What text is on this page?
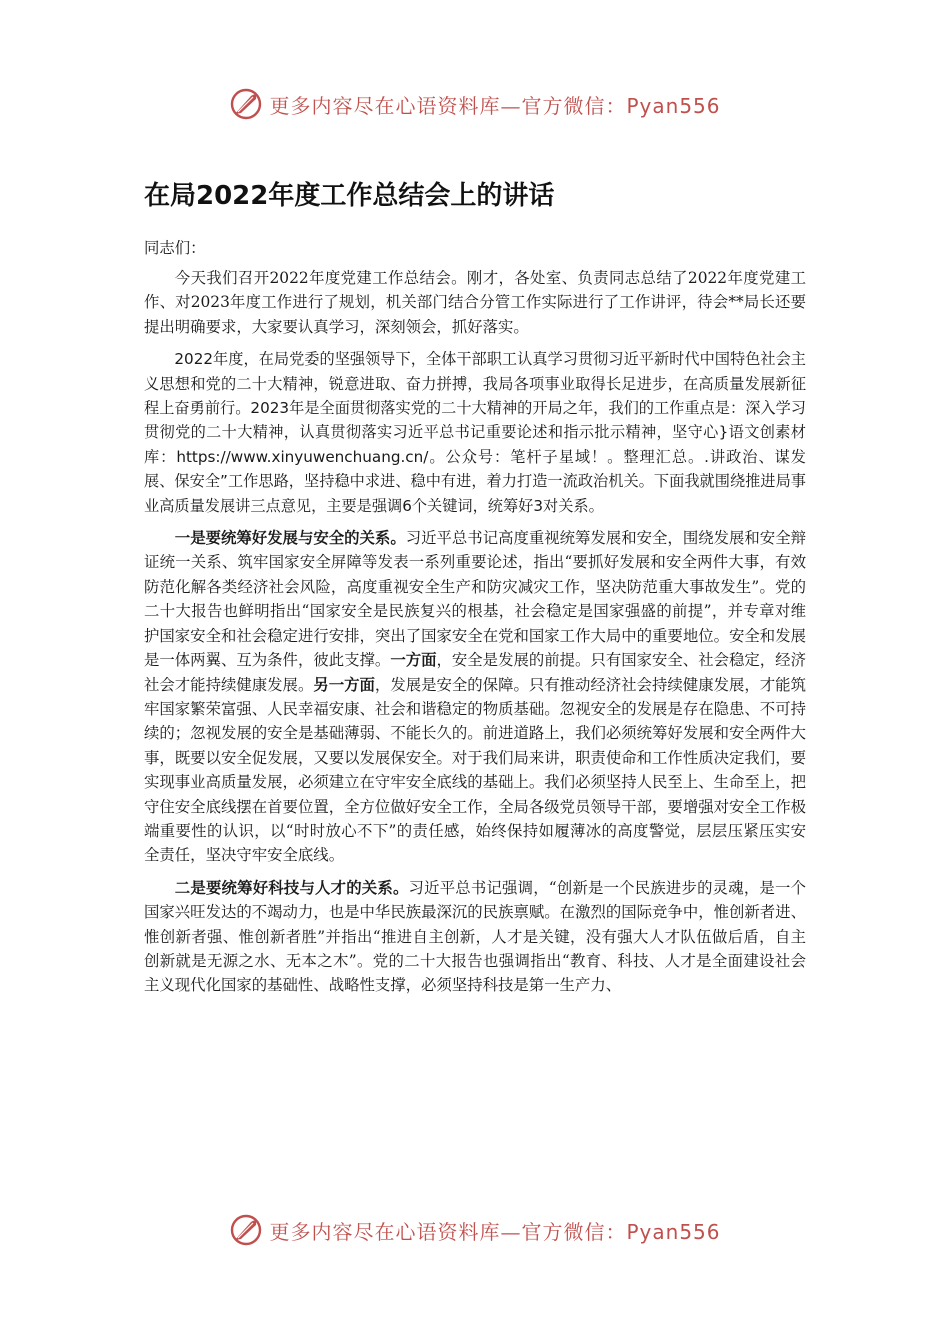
更多内容尽在心语资料库—官方微信：Pyan556
在局2022年度工作总结会上的讲话
同志们：

今天我们召开2022年度党建工作总结会。刚才，各处室、负责同志总结了2022年度党建工作、对2023年度工作进行了规划，机关部门结合分管工作实际进行了工作讲评，待会**局长还要提出明确要求，大家要认真学习，深刻领会，抓好落实。

2022年度，在局党委的坚强领导下，全体干部职工认真学习贯彻习近平新时代中国特色社会主义思想和党的二十大精神，锐意进取、奋力拼搏，我局各项事业取得长足进步，在高质量发展新征程上奋勇前行。2023年是全面贯彻落实党的二十大精神的开局之年，我们的工作重点是：深入学习贯彻党的二十大精神，认真贯彻落实习近平总书记重要论述和指示批示精神，坚守心}语文创素材库：https://www.xinyuwenchuang.cn/。公众号：笔杆子星域！。整理汇总。.讲政治、谋发展、保安全”工作思路，坚持稳中求进、稳中有进，着力打造一流政治机关。下面我就围绕推进局事业高质量发展讲三点意见，主要是强调6个关键词，统筹好3对关系。

一是要统筹好发展与安全的关系。习近平总书记高度重视统筹发展和安全，围绕发展和安全辩证统一关系、筑牢国家安全屏障等发表一系列重要论述，指出“要抓好发展和安全两件大事，有效防范化解各类经济社会风险，高度重视安全生产和防灾减灾工作，坚决防范重大事故发生”。党的二十大报告也鲜明指出“国家安全是民族复兴的根基，社会稳定是国家强盛的前提”，并专章对维护国家安全和社会稳定进行安排，突出了国家安全在党和国家工作大局中的重要地位。安全和发展是一体两翼、互为条件，彼此支撑。一方面，安全是发展的前提。只有国家安全、社会稳定，经济社会才能持续健康发展。另一方面，发展是安全的保障。只有推动经济社会持续健康发展，才能筑牢国家繁荣富强、人民幸福安康、社会和谐稳定的物质基础。忽视安全的发展是存在隐患、不可持续的；忽视发展的安全是基础薄弱、不能长久的。前进道路上，我们必须统筹好发展和安全两件大事，既要以安全促发展，又要以发展保安全。对于我们局来讲，职责使命和工作性质决定我们，要实现事业高质量发展，必须建立在守牢安全底线的基础上。我们必须坚持人民至上、生命至上，把守住安全底线摆在首要位置，全方位做好安全工作，全局各级党员领导干部，要增强对安全工作极端重要性的认识，以“时时放心不下”的责任感，始终保持如履薄冰的高度警觉，层层压紧压实安全责任，坚决守牢安全底线。

二是要统筹好科技与人才的关系。习近平总书记强调，“创新是一个民族进步的灵魂，是一个国家兴旺发达的不竭动力，也是中华民族最深沉的民族禀赋。在激烈的国际竞争中，惟创新者进、惟创新者强、惟创新者胜”并指出“推进自主创新，人才是关键，没有强大人才队伍做后盾，自主创新就是无源之水、无本之木”。党的二十大报告也强调指出“教育、科技、人才是全面建设社会主义现代化国家的基础性、战略性支撑，必须坚持科技是第一生产力、

更多内容尽在心语资料库—官方微信：Pyan556
